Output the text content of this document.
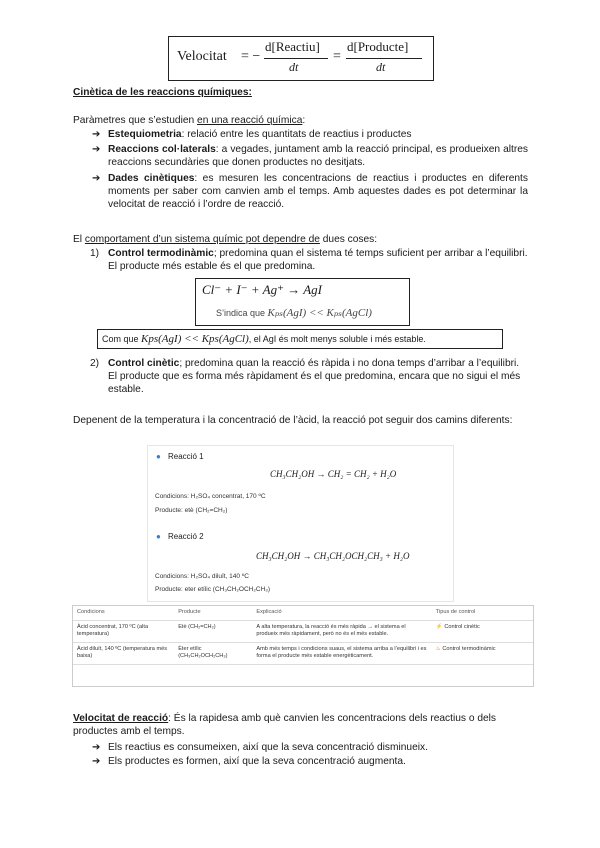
Velocitat = −
d[Reactiu]
dt
=
d[Producte]
dt
Cinètica de les reaccions químiques:
Paràmetres que s’estudien en una reacció química:
➔ Estequiometria: relació entre les quantitats de reactius i productes
➔ Reaccions col·laterals: a vegades, juntament amb la reacció principal, es produeixen altres reaccions secundàries que donen productes no desitjats.
➔ Dades cinètiques: es mesuren les concentracions de reactius i productes en diferents moments per saber com canvien amb el temps. Amb aquestes dades es pot determinar la velocitat de reacció i l’ordre de reacció.
El comportament d’un sistema químic pot dependre de dues coses:
1) Control termodinàmic; predomina quan el sistema té temps suficient per arribar a l’equilibri. El producte més estable és el que predomina.
Cl⁻ + I⁻ + Ag⁺ → AgI
S’indica que Kₚₛ(AgI) << Kₚₛ(AgCl)
Com que Kps(AgI) << Kps(AgCl), el AgI és molt menys soluble i més estable.
2) Control cinètic; predomina quan la reacció és ràpida i no dona temps d’arribar a l’equilibri. El producte que es forma més ràpidament és el que predomina, encara que no sigui el més estable.
Depenent de la temperatura i la concentració de l’àcid, la reacció pot seguir dos camins diferents:
● Reacció 1
CH₃CH₂OH → CH₂ = CH₂ + H₂O
Condicions: H₂SO₄ concentrat, 170 ºC
Producte: etè (CH₂=CH₂)
● Reacció 2
CH₃CH₂OH → CH₃CH₂OCH₂CH₃ + H₂O
Condicions: H₂SO₄ diluït, 140 ºC
Producte: eter etílic (CH₃CH₂OCH₂CH₃)
Condicions	Producte	Explicació	Tipus de control
Àcid concentrat, 170 ºC (alta temperatura)	Etè (CH₂=CH₂)	A alta temperatura, la reacció és més ràpida → el sistema el produeix més ràpidament, però no és el més estable.	⚡ Control cinètic
Àcid diluït, 140 ºC (temperatura més baixa)	Èter etílic (CH₃CH₂OCH₂CH₃)	Amb més temps i condicions suaus, el sistema arriba a l’equilibri i es forma el producte més estable energèticament.	♨ Control termodinàmic
Velocitat de reacció: És la rapidesa amb què canvien les concentracions dels reactius o dels productes amb el temps.
➔ Els reactius es consumeixen, així que la seva concentració disminueix.
➔ Els productes es formen, així que la seva concentració augmenta.
